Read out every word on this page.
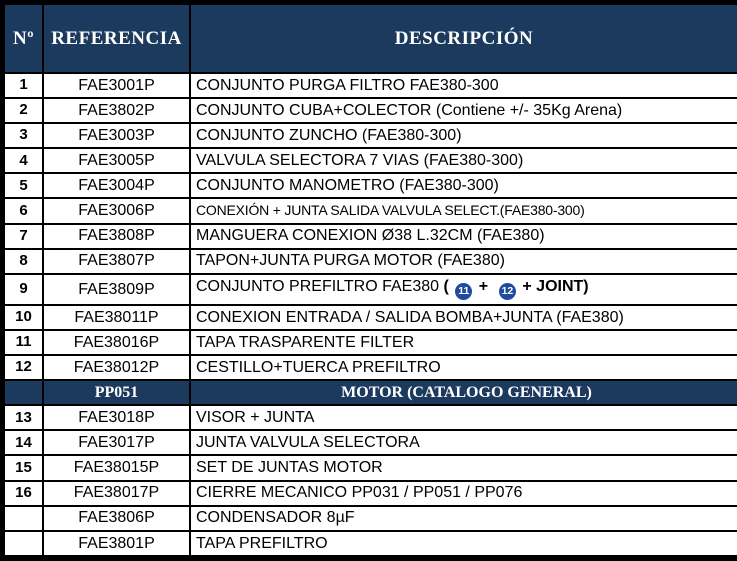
Nº	REFERENCIA	DESCRIPCIÓN
1	FAE3001P	CONJUNTO PURGA FILTRO FAE380-300
2	FAE3802P	CONJUNTO CUBA+COLECTOR (Contiene +/- 35Kg Arena)
3	FAE3003P	CONJUNTO ZUNCHO (FAE380-300)
4	FAE3005P	VALVULA SELECTORA 7 VIAS (FAE380-300)
5	FAE3004P	CONJUNTO MANOMETRO (FAE380-300)
6	FAE3006P	CONEXIÓN + JUNTA SALIDA VALVULA SELECT.(FAE380-300)
7	FAE3808P	MANGUERA CONEXION Ø38 L.32CM (FAE380)
8	FAE3807P	TAPON+JUNTA PURGA MOTOR (FAE380)
9	FAE3809P	CONJUNTO PREFILTRO FAE380 ( 11 +  12 + JOINT)
10	FAE38011P	CONEXION ENTRADA / SALIDA BOMBA+JUNTA (FAE380)
11	FAE38016P	TAPA TRASPARENTE FILTER
12	FAE38012P	CESTILLO+TUERCA PREFILTRO
	PP051	MOTOR (CATALOGO GENERAL)
13	FAE3018P	VISOR + JUNTA
14	FAE3017P	JUNTA VALVULA SELECTORA
15	FAE38015P	SET DE JUNTAS MOTOR
16	FAE38017P	CIERRE MECANICO PP031 / PP051 / PP076
	FAE3806P	CONDENSADOR 8µF
	FAE3801P	TAPA PREFILTRO
